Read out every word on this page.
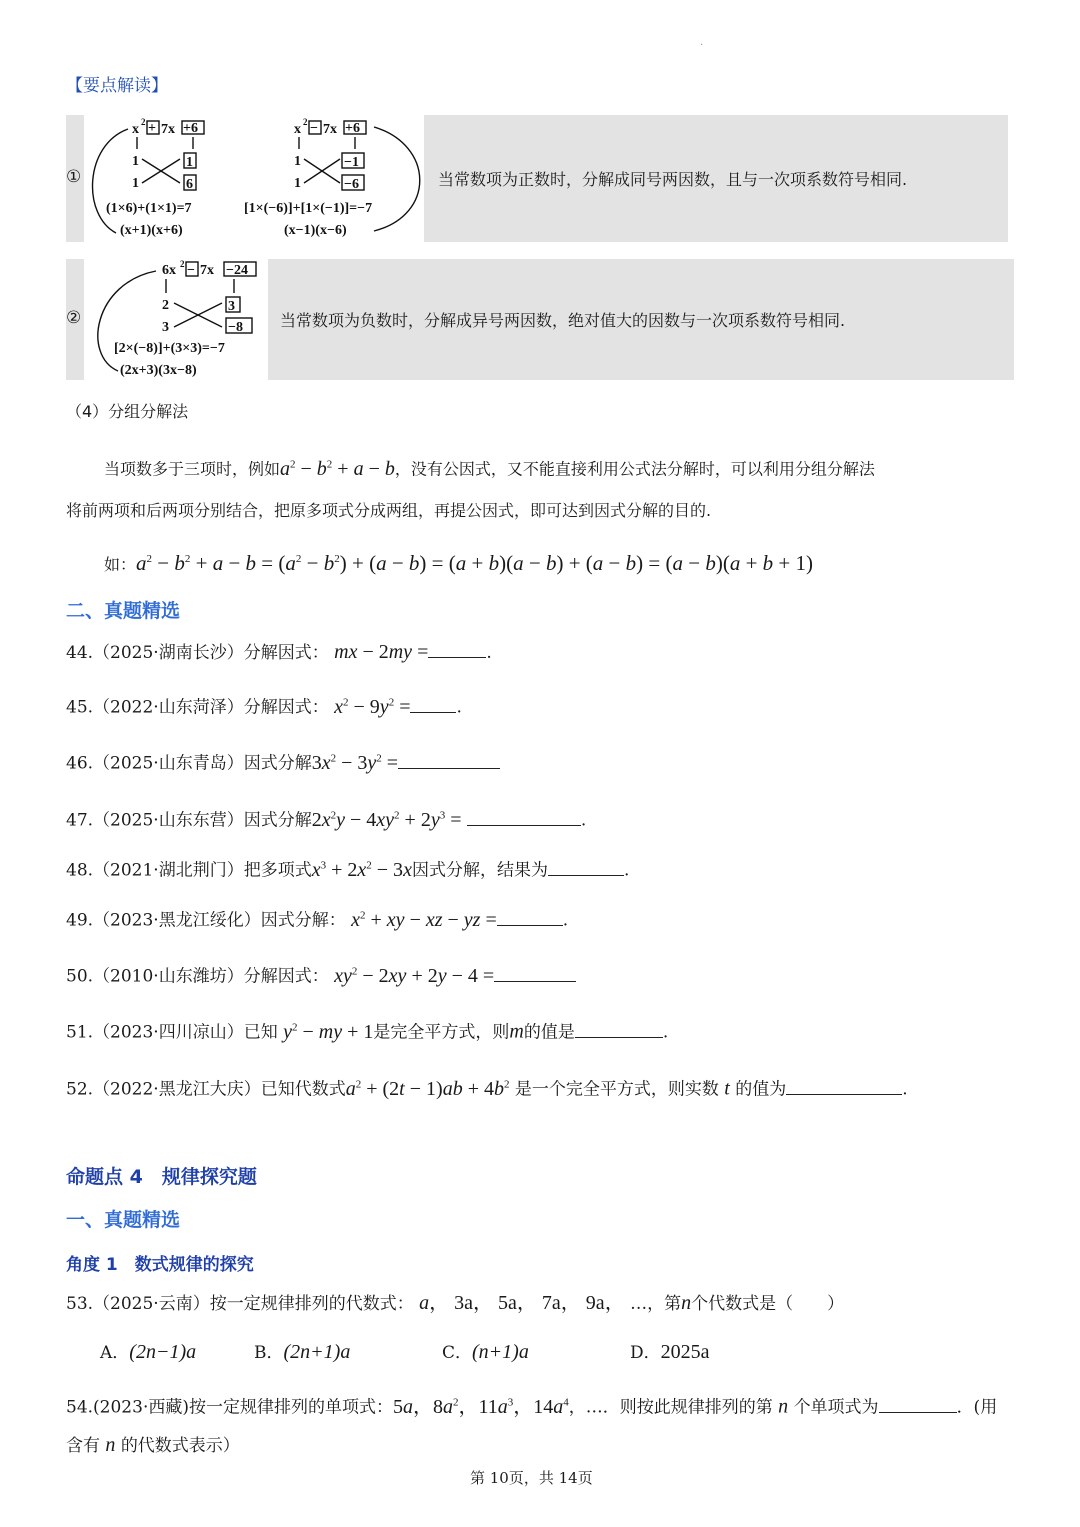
·
【要点解读】
①
x 2 + 7x +6
1
1
1
6
(1×6)+(1×1)=7
(x+1)(x+6)
x 2 − 7x +6
1
1
−1
−6
[1×(−6)]+[1×(−1)]=−7
(x−1)(x−6)
当常数项为正数时，分解成同号两因数，且与一次项系数符号相同.
②
6x 2 − 7x −24
2
3
3
−8
[2×(−8)]+(3×3)=−7
(2x+3)(3x−8)
当常数项为负数时，分解成异号两因数，绝对值大的因数与一次项系数符号相同.
（4）分组分解法
当项数多于三项时，例如$a^2 - b^2 + a - b$，没有公因式，又不能直接利用公式法分解时，可以利用分组分解法
将前两项和后两项分别结合，把原多项式分成两组，再提公因式，即可达到因式分解的目的.
如：$a^2 - b^2 + a - b = (a^2 - b^2) + (a - b) = (a + b)(a - b) + (a - b) = (a - b)(a + b + 1)$
二、真题精选
44.（2025·湖南长沙）分解因式： mx − 2my =	.
45.（2022·山东菏泽）分解因式： $x^2 - 9y^2$ =	.
46.（2025·山东青岛）因式分解$3x^2 - 3y^2$ =
47.（2025·山东东营）因式分解$2x^2y - 4xy^2 + 2y^3$ =	.
48.（2021·湖北荆门）把多项式$x^3 + 2x^2 - 3x$因式分解，结果为	.
49.（2023·黑龙江绥化）因式分解： $x^2$ + xy − xz − yz =	.
50.（2010·山东潍坊）分解因式： $xy^2 - 2xy + 2y - 4$ =
51.（2023·四川凉山）已知 $y^2$ − my + 1是完全平方式，则m的值是	.
52.（2022·黑龙江大庆）已知代数式$a^2 + (2t - 1)ab + 4b^2$ 是一个完全平方式，则实数 t 的值为	.
命题点 4　规律探究题
一、真题精选
角度 1　数式规律的探究
53.（2025·云南）按一定规律排列的代数式： a， 3a， 5a， 7a， 9a， …，第n个代数式是（　　）
A．(2n−1)a	B．(2n+1)a	C．(n+1)a	D．2025a
54.(2023·西藏)按一定规律排列的单项式：5a，$8a^2$，$11a^3$，$14a^4$，…．则按此规律排列的第 n 个单项式为	．(用
含有 n 的代数式表示）
第 10页，共 14页
